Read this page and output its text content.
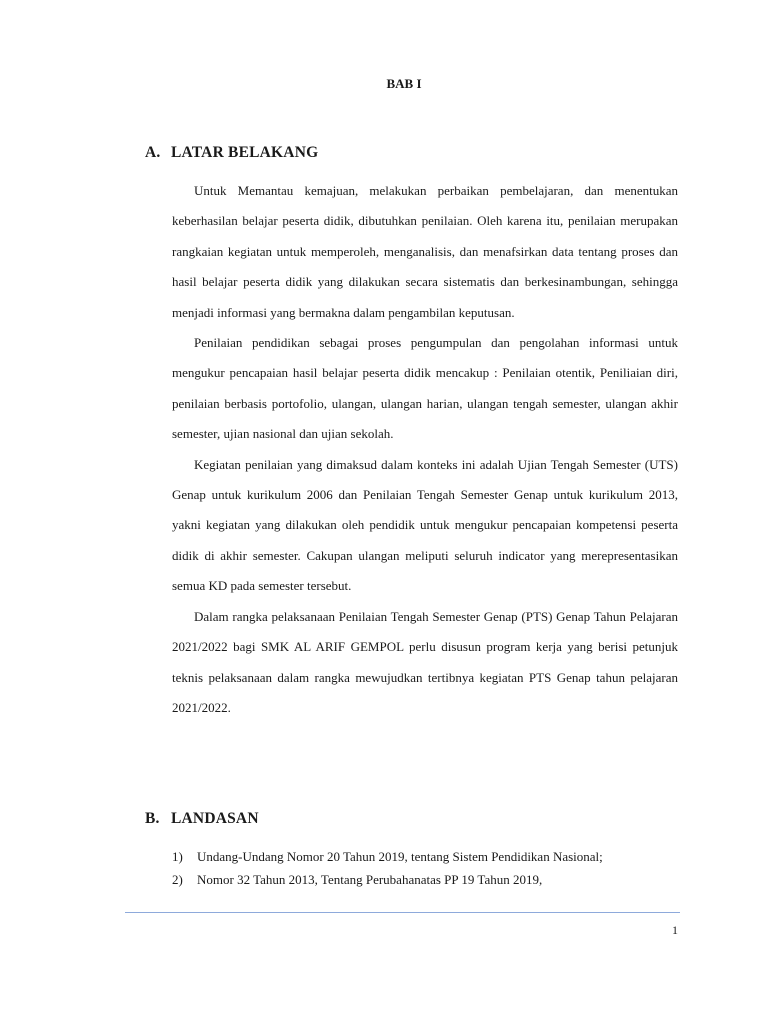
BAB I
A. LATAR BELAKANG

Untuk Memantau kemajuan, melakukan perbaikan pembelajaran, dan menentukan keberhasilan belajar peserta didik, dibutuhkan penilaian. Oleh karena itu, penilaian merupakan rangkaian kegiatan untuk memperoleh, menganalisis, dan menafsirkan data tentang proses dan hasil belajar peserta didik yang dilakukan secara sistematis dan berkesinambungan, sehingga menjadi informasi yang bermakna dalam pengambilan keputusan.

Penilaian pendidikan sebagai proses pengumpulan dan pengolahan informasi untuk mengukur pencapaian hasil belajar peserta didik mencakup : Penilaian otentik, Peniliaian diri, penilaian berbasis portofolio, ulangan, ulangan harian, ulangan tengah semester, ulangan akhir semester, ujian nasional dan ujian sekolah.

Kegiatan penilaian yang dimaksud dalam konteks ini adalah Ujian Tengah Semester (UTS) Genap untuk kurikulum 2006 dan Penilaian Tengah Semester Genap untuk kurikulum 2013, yakni kegiatan yang dilakukan oleh pendidik untuk mengukur pencapaian kompetensi peserta didik di akhir semester. Cakupan ulangan meliputi seluruh indicator yang merepresentasikan semua KD pada semester tersebut.

Dalam rangka pelaksanaan Penilaian Tengah Semester Genap (PTS) Genap Tahun Pelajaran 2021/2022 bagi SMK AL ARIF GEMPOL perlu disusun program kerja yang berisi petunjuk teknis pelaksanaan dalam rangka mewujudkan tertibnya kegiatan PTS Genap tahun pelajaran 2021/2022.

B. LANDASAN
1)	Undang-Undang Nomor 20 Tahun 2019, tentang Sistem Pendidikan Nasional;
2)	Nomor 32 Tahun 2013, Tentang Perubahanatas PP 19 Tahun 2019,
1
